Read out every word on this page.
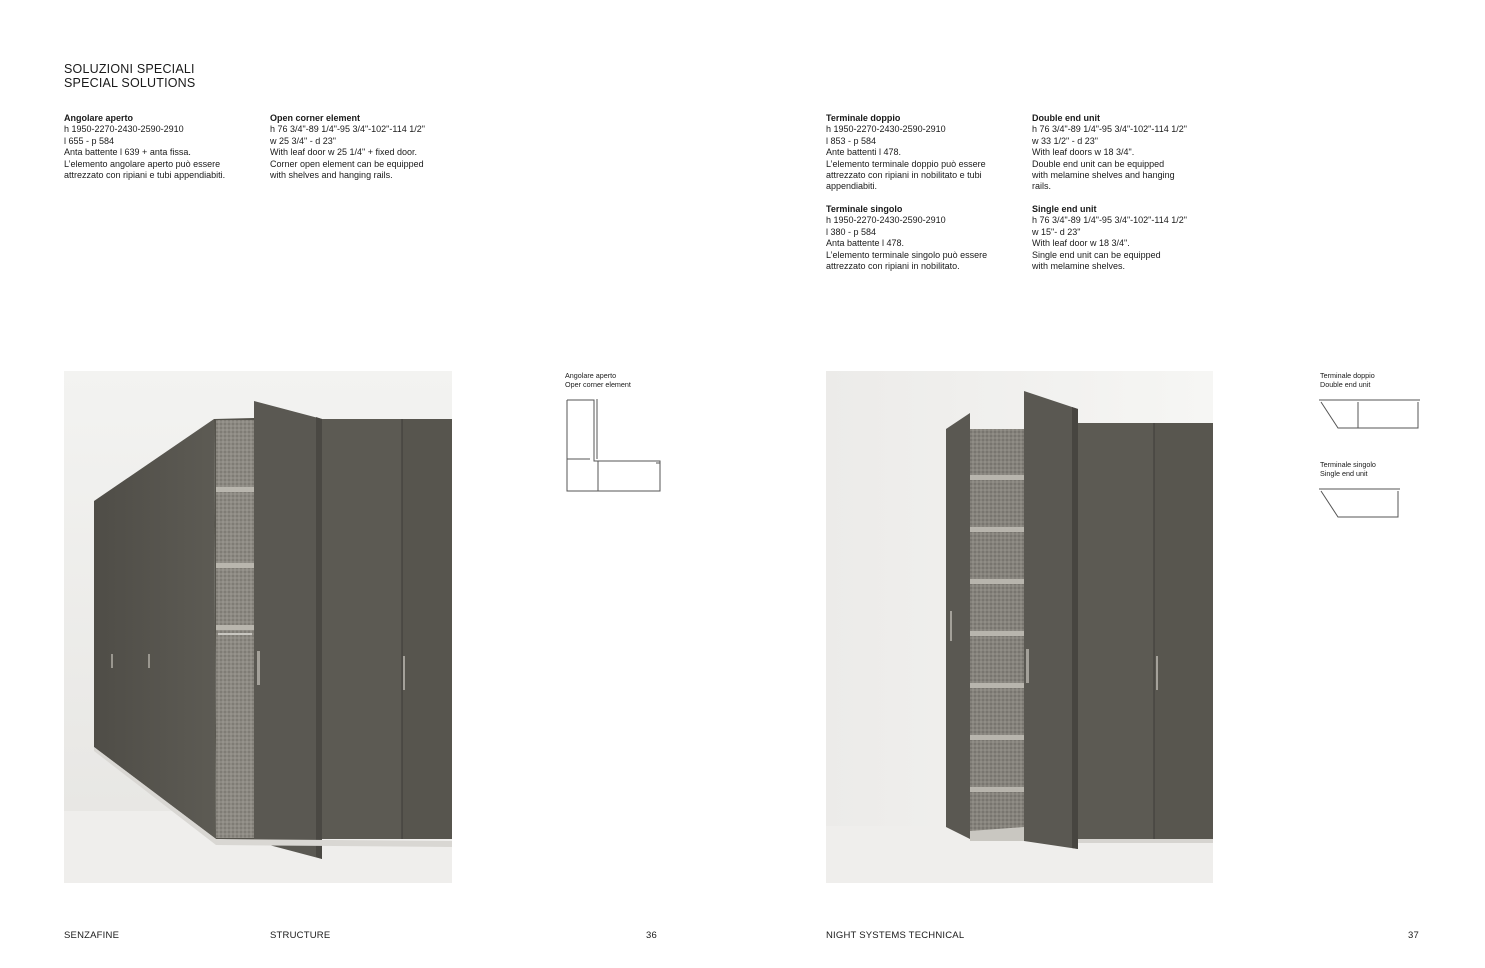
SOLUZIONI SPECIALI
SPECIAL SOLUTIONS
Angolare aperto
h 1950-2270-2430-2590-2910
l 655 - p 584
Anta battente l 639 + anta fissa.
L’elemento angolare aperto può essere
attrezzato con ripiani e tubi appendiabiti.
Open corner element
h 76 3/4"-89 1/4"-95 3/4"-102"-114 1/2"
w 25 3/4" - d 23"
With leaf door w 25 1/4" + fixed door.
Corner open element can be equipped
with shelves and hanging rails.
Terminale doppio
h 1950-2270-2430-2590-2910
l 853 - p 584
Ante battenti l 478.
L’elemento terminale doppio può essere
attrezzato con ripiani in nobilitato e tubi
appendiabiti.
Double end unit
h 76 3/4"-89 1/4"-95 3/4"-102"-114 1/2"
w 33 1/2" - d 23"
With leaf doors w 18 3/4".
Double end unit can be equipped
with melamine shelves and hanging
rails.
Terminale singolo
h 1950-2270-2430-2590-2910
l 380 - p 584
Anta battente l 478.
L’elemento terminale singolo può essere
attrezzato con ripiani in nobilitato.
Single end unit
h 76 3/4"-89 1/4"-95 3/4"-102"-114 1/2"
w 15"- d 23"
With leaf door w 18 3/4".
Single end unit can be equipped
with melamine shelves.
Angolare aperto
Oper corner element
Terminale doppio
Double end unit
Terminale singolo
Single end unit
SENZAFINE	STRUCTURE	36	NIGHT SYSTEMS TECHNICAL	37
